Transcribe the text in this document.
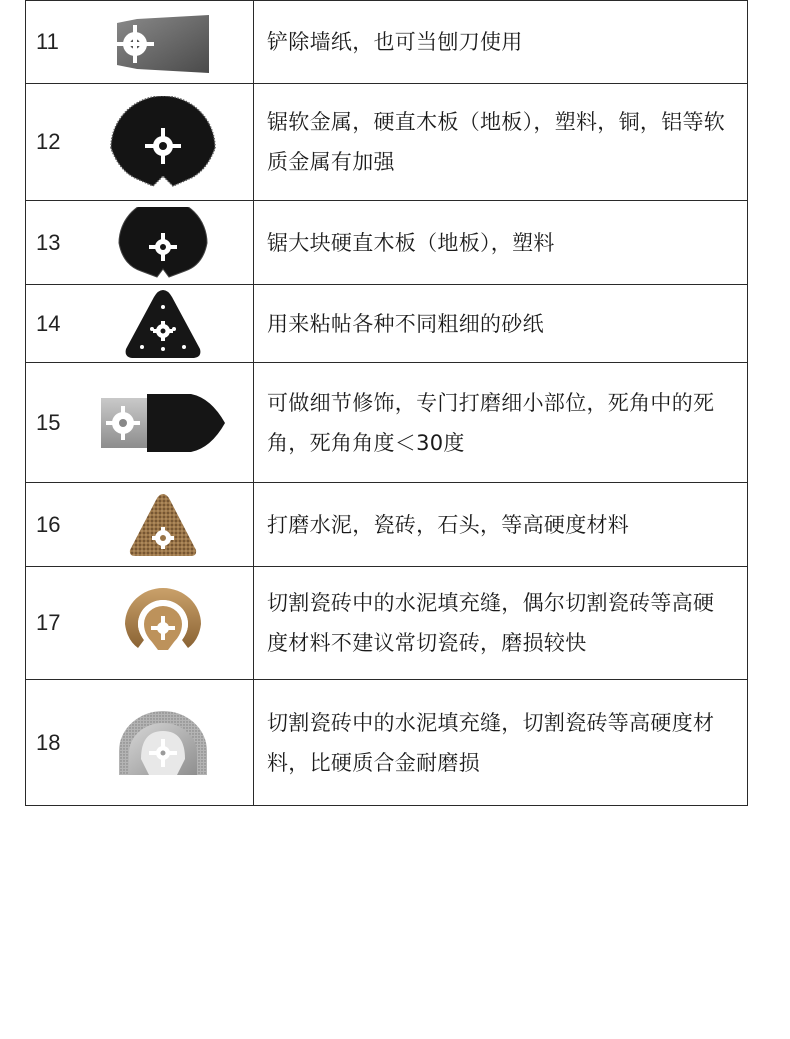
11	铲除墙纸，也可当刨刀使用

12	锯软金属，硬直木板（地板），塑料，铜，铝等软质金属有加强

13	锯大块硬直木板（地板），塑料

14	用来粘帖各种不同粗细的砂纸

15	可做细节修饰，专门打磨细小部位，死角中的死角，死角角度＜30度

16	打磨水泥，瓷砖，石头，等高硬度材料

17	切割瓷砖中的水泥填充缝，偶尔切割瓷砖等高硬度材料不建议常切瓷砖，磨损较快

18	切割瓷砖中的水泥填充缝，切割瓷砖等高硬度材料，比硬质合金耐磨损
